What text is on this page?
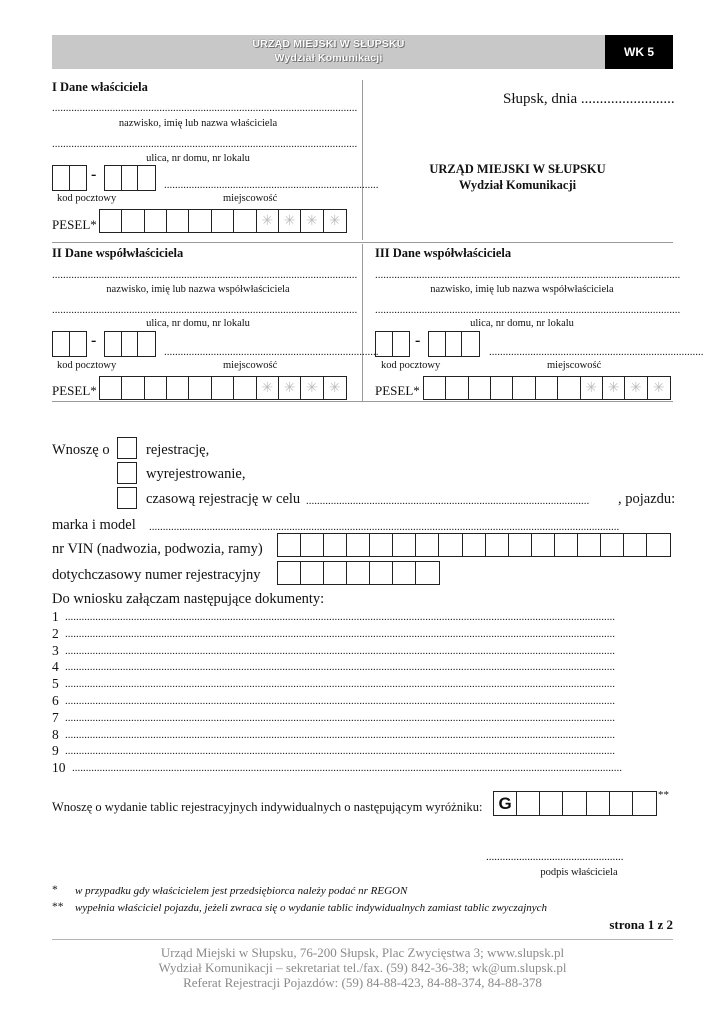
URZĄD MIEJSKI W SŁUPSKU
Wydział Komunikacji	WK 5
I Dane właściciela
...............................................................................................................
nazwisko, imię lub nazwa właściciela
...............................................................................................................
ulica, nr domu, nr lokalu
-
..............................................................................
kod pocztowy	miejscowość
PESEL*	✳ ✳ ✳ ✳
Słupsk, dnia .........................
URZĄD MIEJSKI W SŁUPSKU
Wydział Komunikacji
II Dane współwłaściciela
...............................................................................................................
nazwisko, imię lub nazwa współwłaściciela
...............................................................................................................
ulica, nr domu, nr lokalu
-
..............................................................................
kod pocztowy	miejscowość
PESEL*	✳ ✳ ✳ ✳
III Dane współwłaściciela
...............................................................................................................
nazwisko, imię lub nazwa współwłaściciela
...............................................................................................................
ulica, nr domu, nr lokalu
-
..............................................................................
kod pocztowy	miejscowość
PESEL*	✳ ✳ ✳ ✳
Wnoszę o	rejestrację,
wyrejestrowanie,
czasową rejestrację w celu .......................................................................................................	, pojazdu:
marka i model ...........................................................................................................................................................................
nr VIN (nadwozia, podwozia, ramy)
dotychczasowy numer rejestracyjny
Do wniosku załączam następujące dokumenty:
1 ........................................................................................................................................................................................................
2 ........................................................................................................................................................................................................
3 ........................................................................................................................................................................................................
4 ........................................................................................................................................................................................................
5 ........................................................................................................................................................................................................
6 ........................................................................................................................................................................................................
7 ........................................................................................................................................................................................................
8 ........................................................................................................................................................................................................
9 ........................................................................................................................................................................................................
10 ........................................................................................................................................................................................................
Wnoszę o wydanie tablic rejestracyjnych indywidualnych o następującym wyróżniku: G	**
..................................................
podpis właściciela
* w przypadku gdy właścicielem jest przedsiębiorca należy podać nr REGON
** wypełnia właściciel pojazdu, jeżeli zwraca się o wydanie tablic indywidualnych zamiast tablic zwyczajnych
strona 1 z 2
Urząd Miejski w Słupsku, 76-200 Słupsk, Plac Zwycięstwa 3; www.slupsk.pl
Wydział Komunikacji – sekretariat tel./fax. (59) 842-36-38; wk@um.slupsk.pl
Referat Rejestracji Pojazdów: (59) 84-88-423, 84-88-374, 84-88-378
